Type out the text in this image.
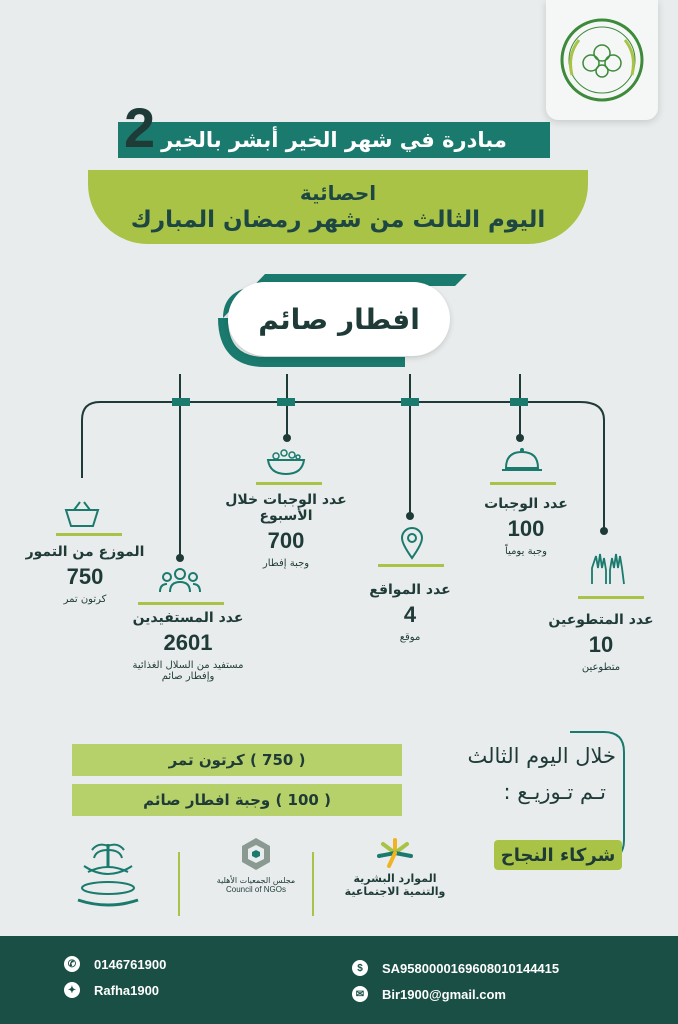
مبادرة في شهر الخير أبشر بالخير
2
احصائية
اليوم الثالث من شهر رمضان المبارك
افطار صائم
الموزع من التمور
750
كرتون تمر
عدد المستفيدين
2601
مستفيد من السلال الغذائية وإفطار صائم
عدد الوجبات خلال الأسبوع
700
وجبة إفطار
عدد المواقع
4
موقع
عدد الوجبات
100
وجبة يومياً
عدد المتطوعين
10
متطوعين
( 750 ) كرتون تمر
( 100 ) وجبة افطار صائم
خلال اليوم الثالث
تـم تـوزيـع :
شركاء النجاح
الموارد البشرية والتنمية الاجتماعية
مجلس الجمعيات الأهلية
Council of NGOs
✆ 0146761900
✦ Rafha1900
$	SA9580000169608010144415
✉ Bir1900@gmail.com
